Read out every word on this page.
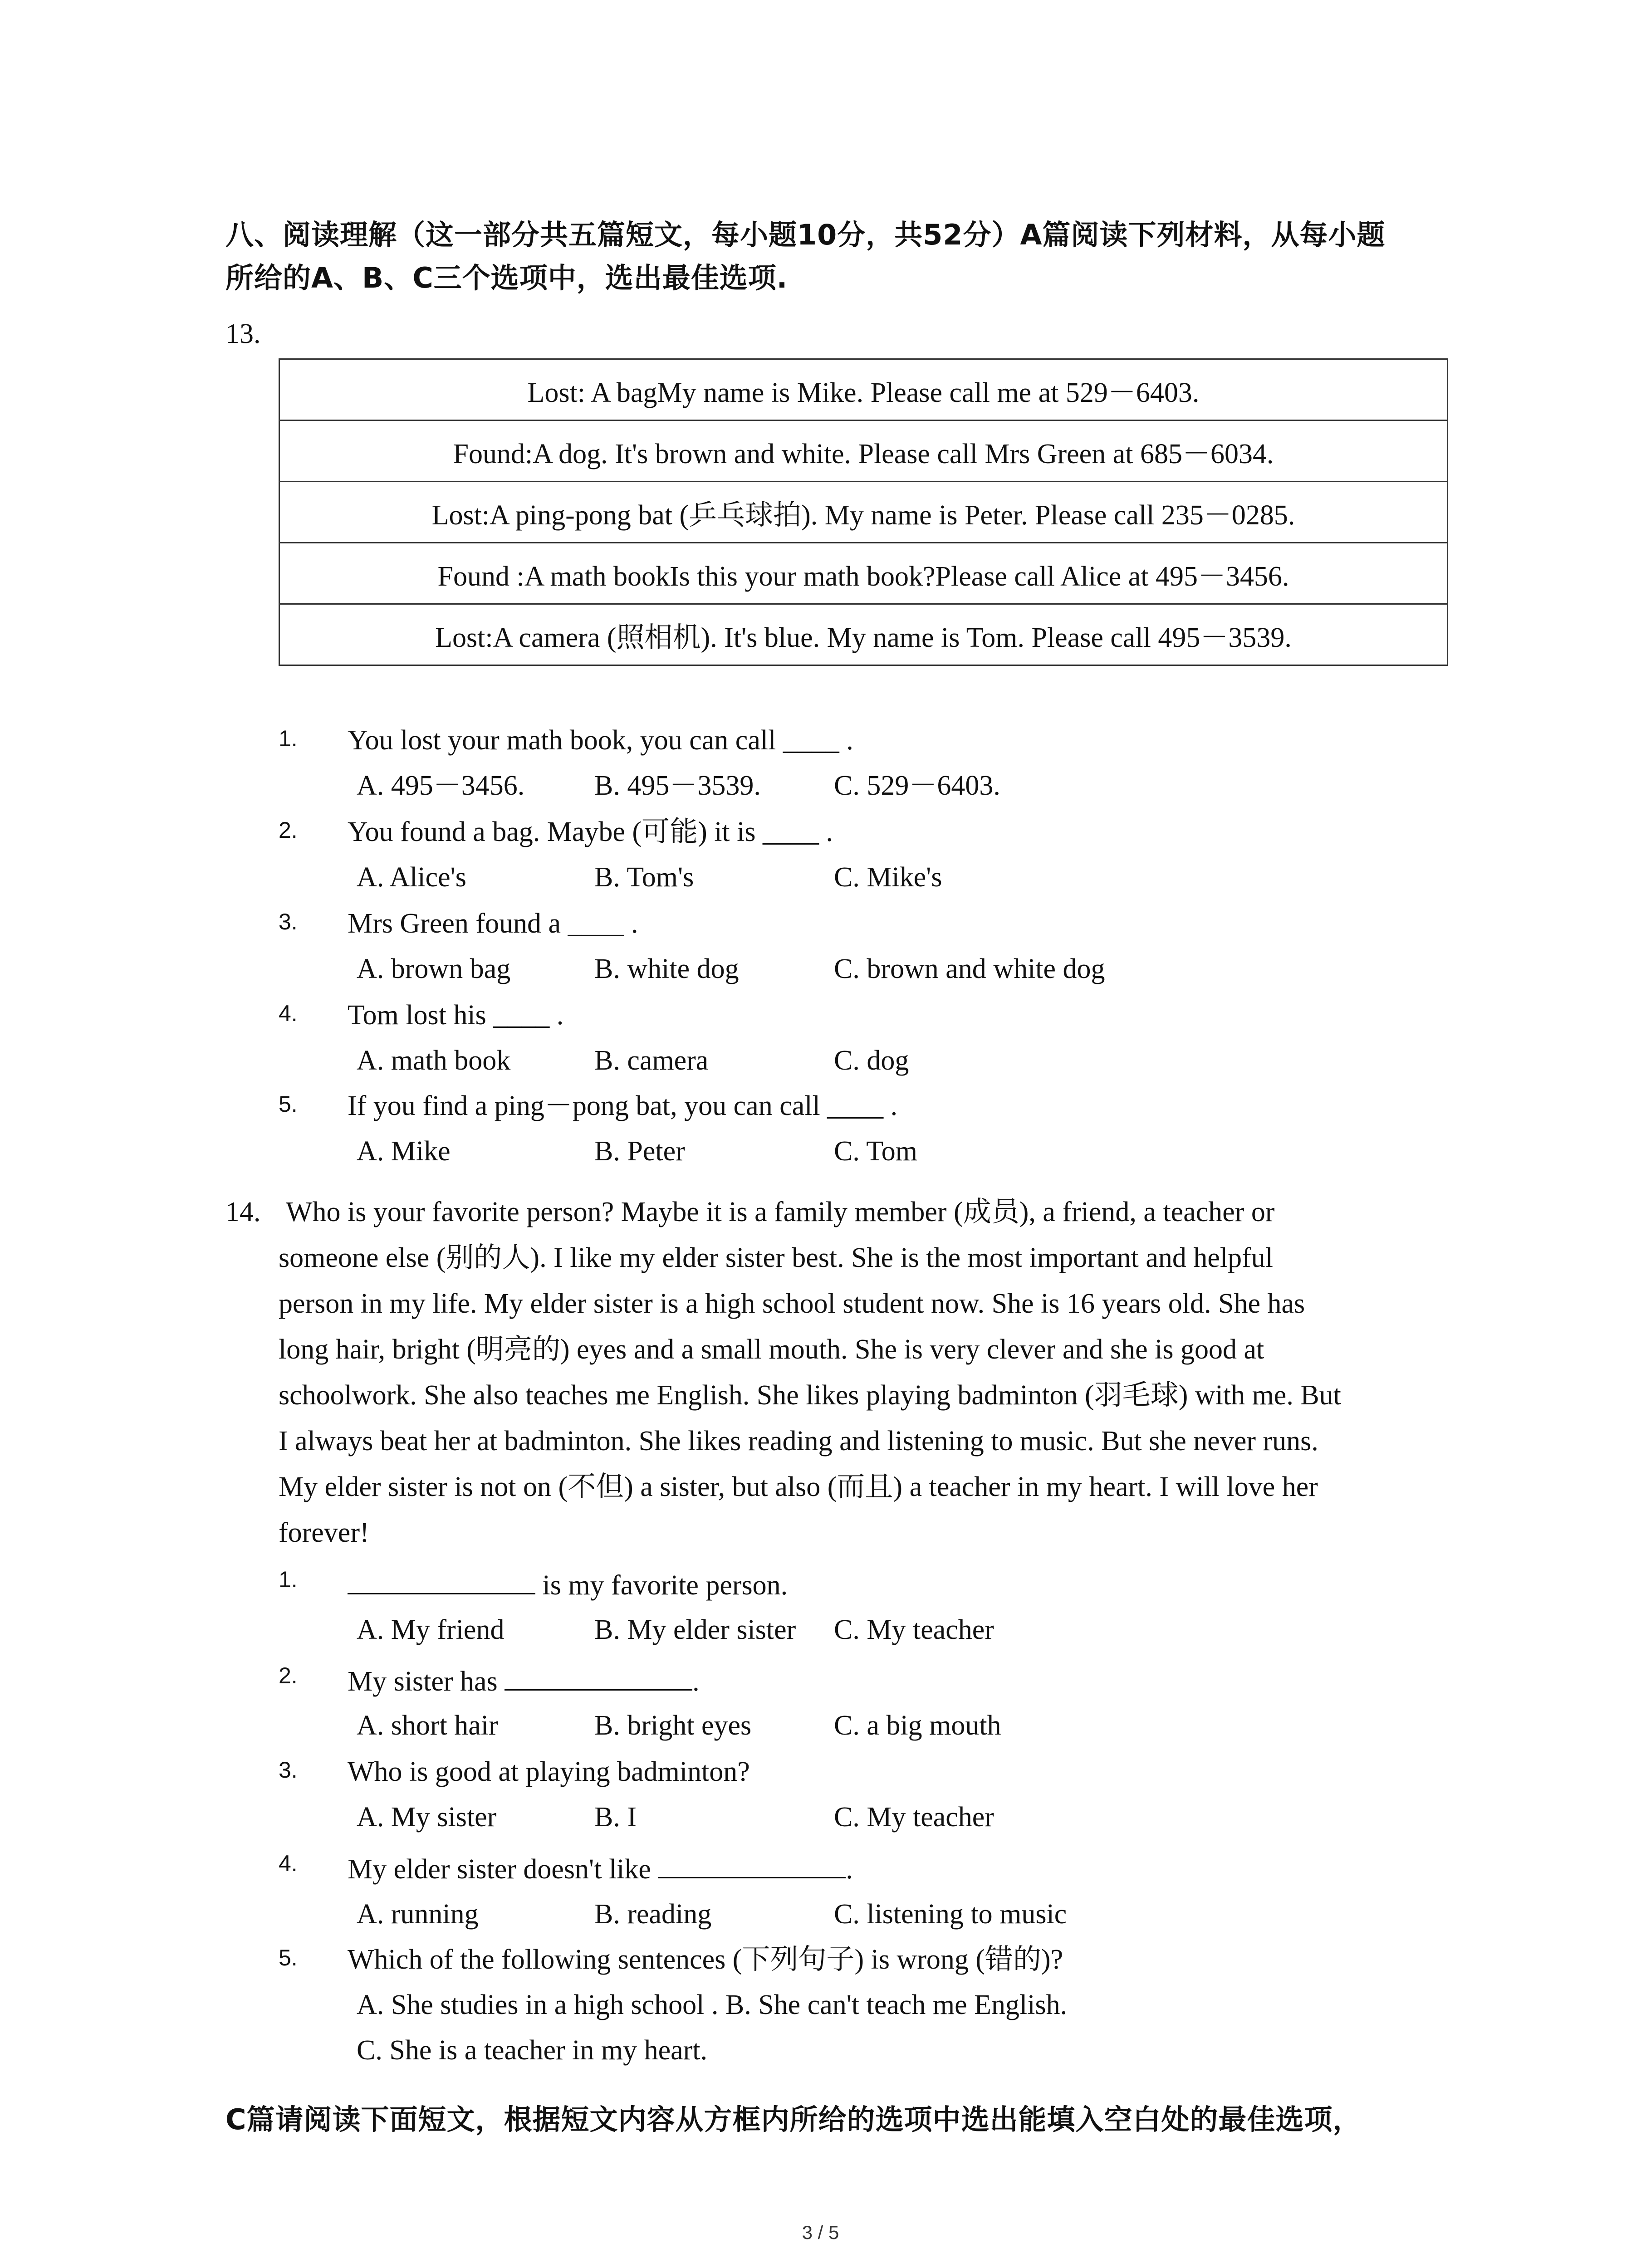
八、阅读理解（这一部分共五篇短文，每小题10分，共52分）A篇阅读下列材料，从每小题
所给的A、B、C三个选项中，选出最佳选项.
13.
Lost: A bagMy name is Mike. Please call me at 529－6403.
Found:A dog. It's brown and white. Please call Mrs Green at 685－6034.
Lost:A ping-pong bat (乒乓球拍). My name is Peter. Please call 235－0285.
Found :A math bookIs this your math book?Please call Alice at 495－3456.
Lost:A camera (照相机). It's blue. My name is Tom. Please call 495－3539.
1. You lost your math book, you can call ____ .
A. 495－3456. B. 495－3539.	C. 529－6403.
2. You found a bag. Maybe (可能) it is ____ .
A. Alice's	B. Tom's	C. Mike's
3. Mrs Green found a ____ .
A. brown bag	B. white dog	C. brown and white dog
4. Tom lost his ____ .
A. math book	B. camera	C. dog
5. If you find a ping－pong bat, you can call ____ .
A. Mike	B. Peter	C. Tom
14. Who is your favorite person? Maybe it is a family member (成员), a friend, a teacher or
someone else (别的人). I like my elder sister best. She is the most important and helpful
person in my life. My elder sister is a high school student now. She is 16 years old. She has
long hair, bright (明亮的) eyes and a small mouth. She is very clever and she is good at
schoolwork. She also teaches me English. She likes playing badminton (羽毛球) with me. But
I always beat her at badminton. She likes reading and listening to music. But she never runs.
My elder sister is not on (不但) a sister, but also (而且) a teacher in my heart. I will love her
forever!
1.	is my favorite person.
A. My friend	B. My elder sister C. My teacher
2. My sister has	.
A. short hair	B. bright eyes	C. a big mouth
3. Who is good at playing badminton?
A. My sister	B. I	C. My teacher
4. My elder sister doesn't like	.
A. running	B. reading	C. listening to music
5. Which of the following sentences (下列句子) is wrong (错的)?
A. She studies in a high school . B. She can't teach me English.
C. She is a teacher in my heart.
C篇请阅读下面短文，根据短文内容从方框内所给的选项中选出能填入空白处的最佳选项，
3 / 5
